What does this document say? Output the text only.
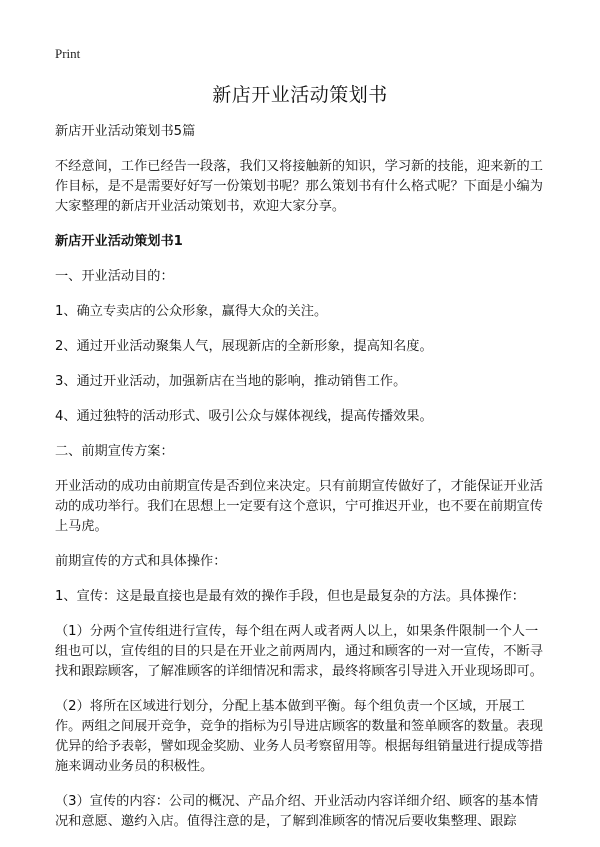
Print
新店开业活动策划书

新店开业活动策划书5篇

不经意间，工作已经告一段落，我们又将接触新的知识，学习新的技能，迎来新的工作目标，是不是需要好好写一份策划书呢？那么策划书有什么格式呢？下面是小编为大家整理的新店开业活动策划书，欢迎大家分享。

新店开业活动策划书1

一、开业活动目的：

1、确立专卖店的公众形象，赢得大众的关注。

2、通过开业活动聚集人气，展现新店的全新形象，提高知名度。

3、通过开业活动，加强新店在当地的影响，推动销售工作。

4、通过独特的活动形式、吸引公众与媒体视线，提高传播效果。

二、前期宣传方案：

开业活动的成功由前期宣传是否到位来决定。只有前期宣传做好了，才能保证开业活动的成功举行。我们在思想上一定要有这个意识，宁可推迟开业，也不要在前期宣传上马虎。

前期宣传的方式和具体操作：

1、宣传：这是最直接也是最有效的操作手段，但也是最复杂的方法。具体操作：

（1）分两个宣传组进行宣传，每个组在两人或者两人以上，如果条件限制一个人一组也可以，宣传组的目的只是在开业之前两周内，通过和顾客的一对一宣传，不断寻找和跟踪顾客，了解准顾客的详细情况和需求，最终将顾客引导进入开业现场即可。

（2）将所在区域进行划分，分配上基本做到平衡。每个组负责一个区域，开展工作。两组之间展开竞争，竞争的指标为引导进店顾客的数量和签单顾客的数量。表现优异的给予表彰，譬如现金奖励、业务人员考察留用等。根据每组销量进行提成等措施来调动业务员的积极性。

（3）宣传的内容：公司的概况、产品介绍、开业活动内容详细介绍、顾客的基本情况和意愿、邀约入店。值得注意的是，了解到准顾客的情况后要收集整理、跟踪
